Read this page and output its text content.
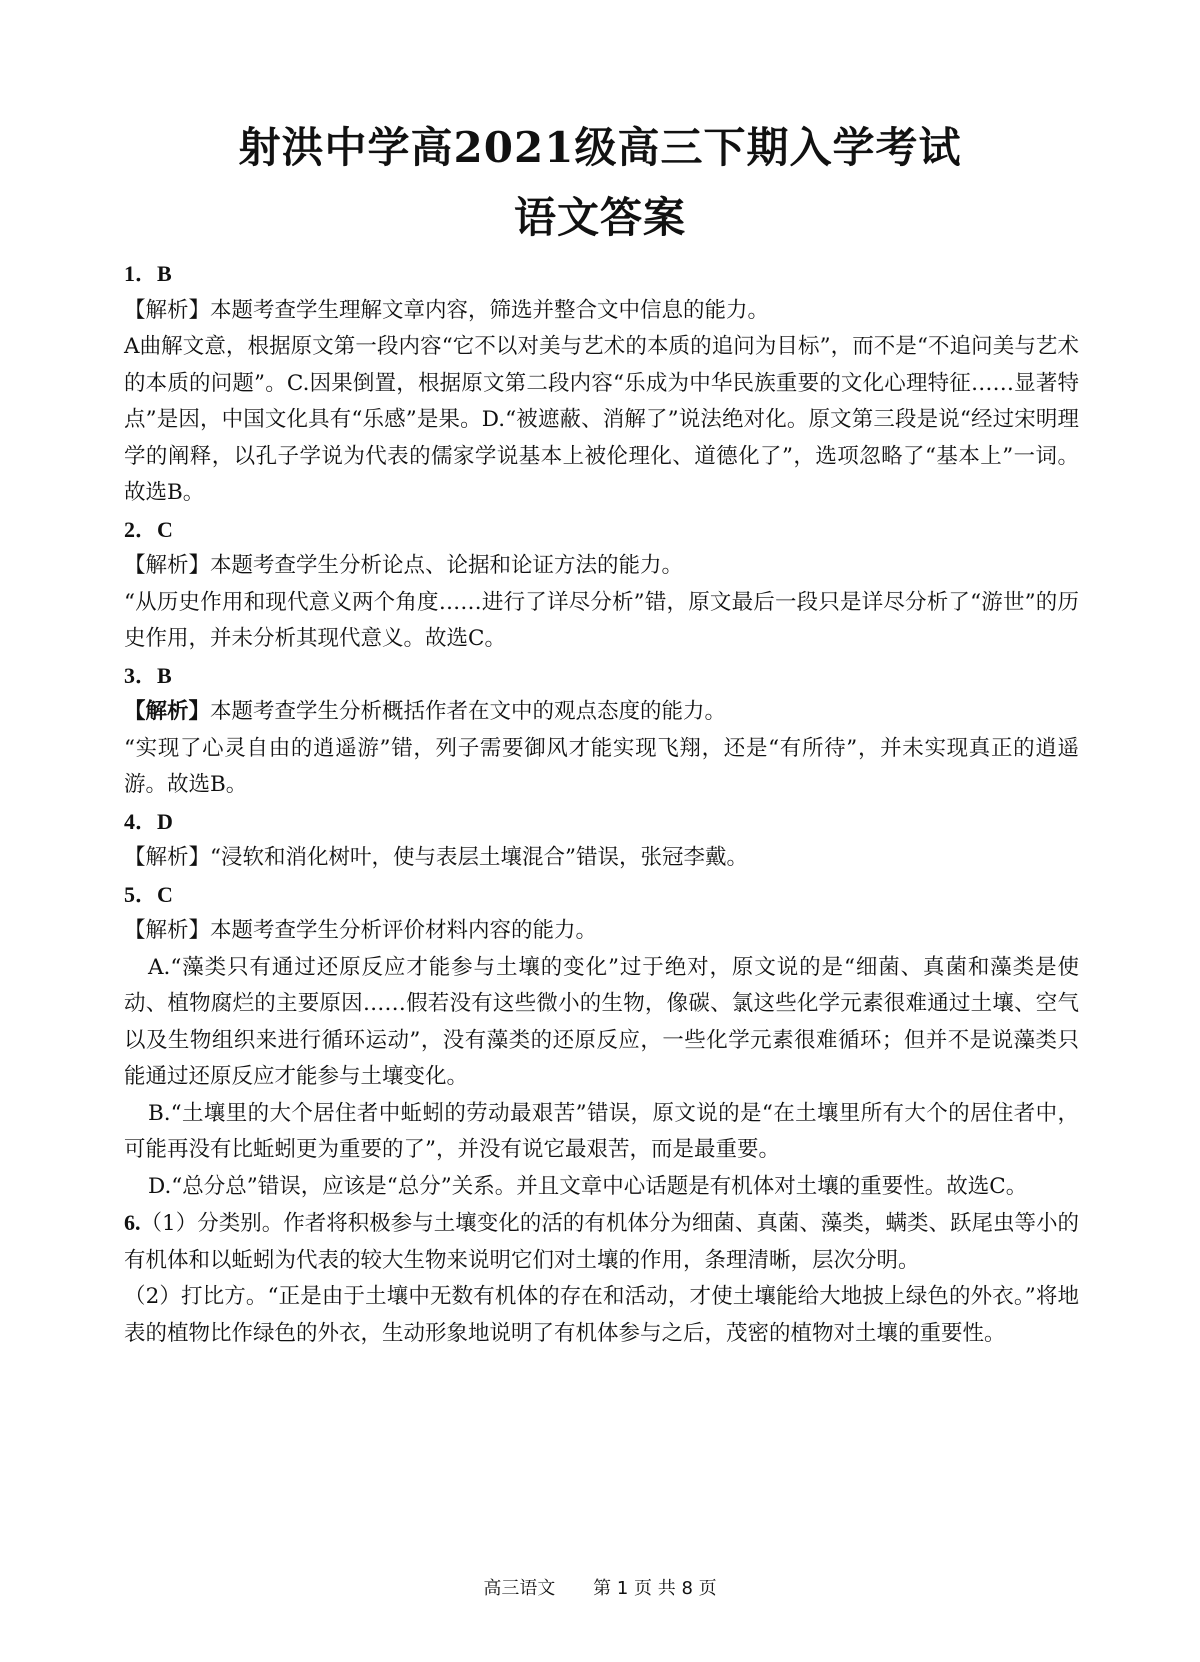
射洪中学高2021级高三下期入学考试
语文答案

1．B

【解析】本题考查学生理解文章内容，筛选并整合文中信息的能力。

A曲解文意，根据原文第一段内容“它不以对美与艺术的本质的追问为目标”，而不是“不追问美与艺术的本质的问题”。C.因果倒置，根据原文第二段内容“乐成为中华民族重要的文化心理特征……显著特点”是因，中国文化具有“乐感”是果。D.“被遮蔽、消解了”说法绝对化。原文第三段是说“经过宋明理学的阐释，以孔子学说为代表的儒家学说基本上被伦理化、道德化了”，选项忽略了“基本上”一词。故选B。

2．C

【解析】本题考查学生分析论点、论据和论证方法的能力。

“从历史作用和现代意义两个角度……进行了详尽分析”错，原文最后一段只是详尽分析了“游世”的历史作用，并未分析其现代意义。故选C。

3．B

【解析】本题考查学生分析概括作者在文中的观点态度的能力。

“实现了心灵自由的逍遥游”错，列子需要御风才能实现飞翔，还是“有所待”，并未实现真正的逍遥游。故选B。

4．D

【解析】“浸软和消化树叶，使与表层土壤混合”错误，张冠李戴。

5．C

【解析】本题考查学生分析评价材料内容的能力。

A.“藻类只有通过还原反应才能参与土壤的变化”过于绝对，原文说的是“细菌、真菌和藻类是使动、植物腐烂的主要原因……假若没有这些微小的生物，像碳、氯这些化学元素很难通过土壤、空气以及生物组织来进行循环运动”，没有藻类的还原反应，一些化学元素很难循环；但并不是说藻类只能通过还原反应才能参与土壤变化。

B.“土壤里的大个居住者中蚯蚓的劳动最艰苦”错误，原文说的是“在土壤里所有大个的居住者中，可能再没有比蚯蚓更为重要的了”，并没有说它最艰苦，而是最重要。

D.“总分总”错误，应该是“总分”关系。并且文章中心话题是有机体对土壤的重要性。故选C。

6.（1）分类别。作者将积极参与土壤变化的活的有机体分为细菌、真菌、藻类，螨类、跃尾虫等小的有机体和以蚯蚓为代表的较大生物来说明它们对土壤的作用，条理清晰，层次分明。

（2）打比方。“正是由于土壤中无数有机体的存在和活动，才使土壤能给大地披上绿色的外衣。”将地表的植物比作绿色的外衣，生动形象地说明了有机体参与之后，茂密的植物对土壤的重要性。

高三语文 第 1 页 共 8 页
